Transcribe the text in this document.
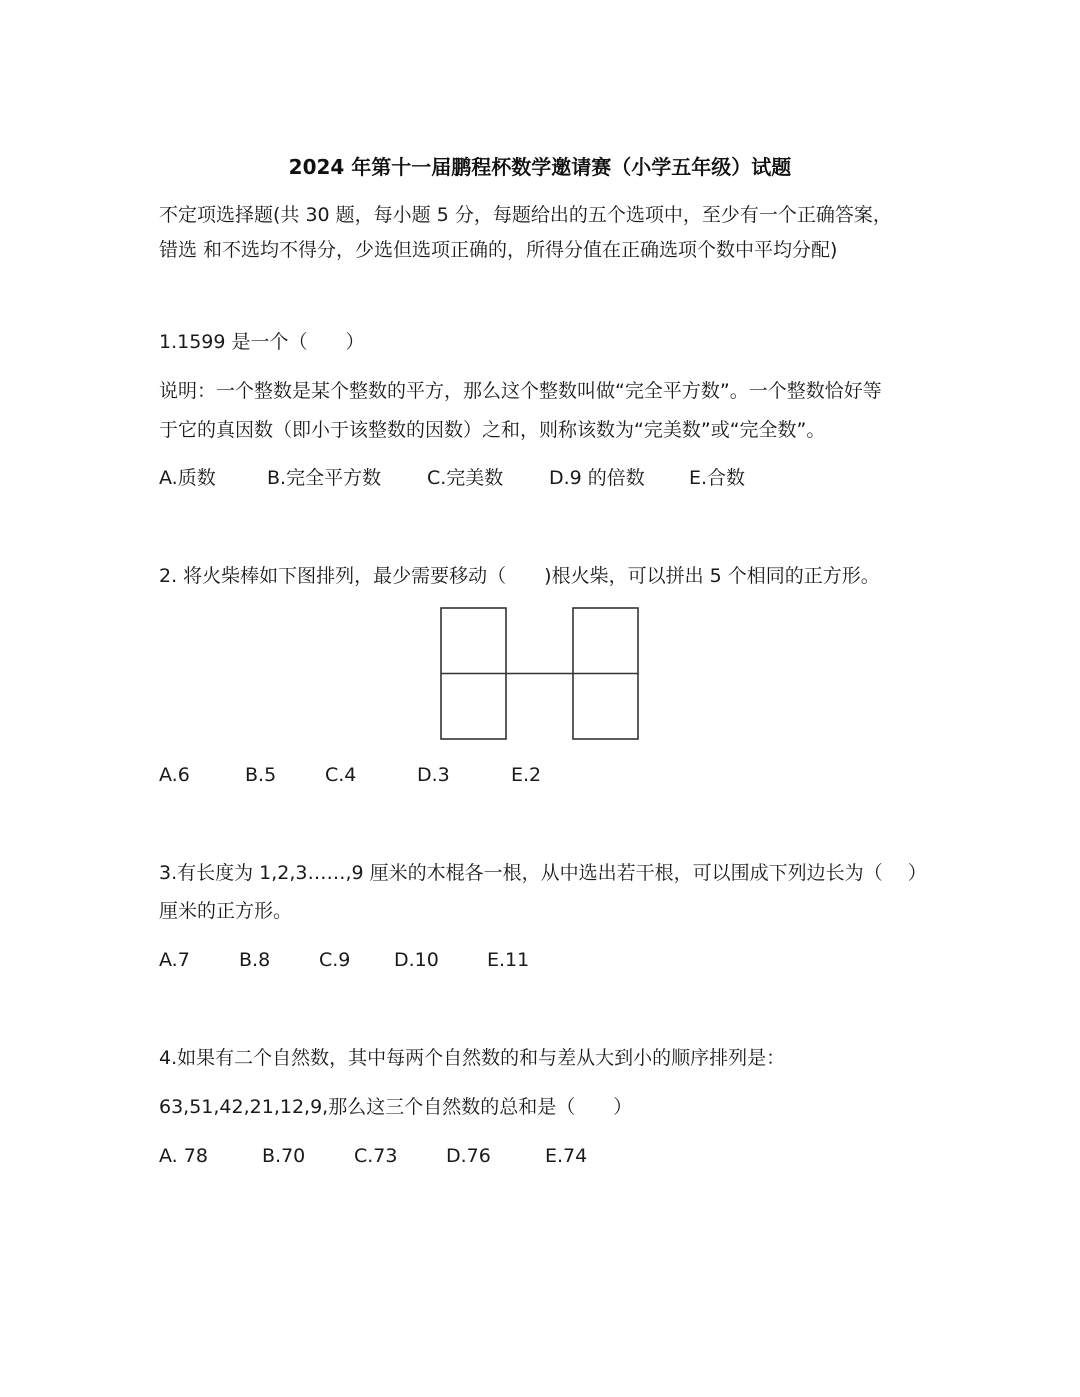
2024 年第十一届鹏程杯数学邀请赛（小学五年级）试题
不定项选择题(共 30 题，每小题 5 分，每题给出的五个选项中，至少有一个正确答案，
错选 和不选均不得分，少选但选项正确的，所得分值在正确选项个数中平均分配)
1.1599 是一个（　　）
说明：一个整数是某个整数的平方，那么这个整数叫做“完全平方数”。一个整数恰好等
于它的真因数（即小于该整数的因数）之和，则称该数为“完美数”或“完全数”。
A.质数	B.完全平方数 C.完美数 D.9 的倍数 E.合数
2. 将火柴棒如下图排列，最少需要移动（　　)根火柴，可以拼出 5 个相同的正方形。
A.6	B.5	C.4	D.3	E.2
3.有长度为 1,2,3……,9 厘米的木棍各一根，从中选出若干根，可以围成下列边长为（　 ）
厘米的正方形。
A.7	B.8	C.9 D.10	E.11
4.如果有二个自然数，其中每两个自然数的和与差从大到小的顺序排列是：
63,51,42,21,12,9,那么这三个自然数的总和是（　　）
A. 78	B.70	C.73	D.76	E.74
